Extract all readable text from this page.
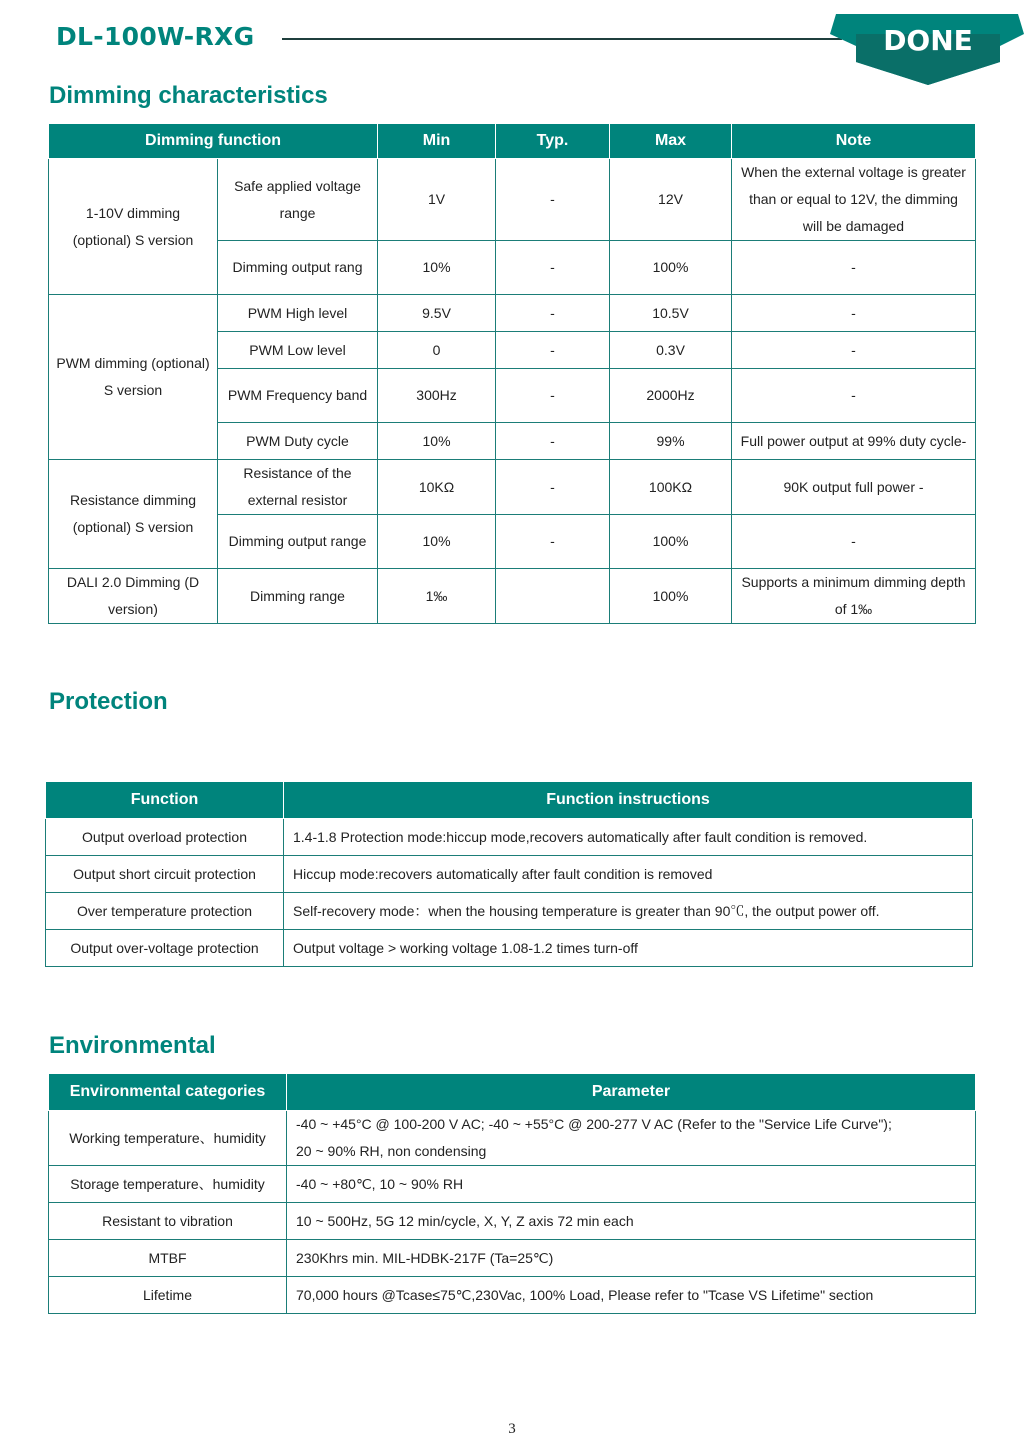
DL-100W-RXG	DONE
Dimming characteristics
Dimming function		Min	Typ.	Max	Note
1-10V dimming (optional) S version	Safe applied voltage range	1V	-	12V	When the external voltage is greater than or equal to 12V, the dimming will be damaged
	Dimming output rang	10%	-	100%	-
PWM dimming (optional) S version	PWM High level	9.5V	-	10.5V	-
	PWM Low level	0	-	0.3V	-
	PWM Frequency band	300Hz	-	2000Hz	-
	PWM Duty cycle	10%	-	99%	Full power output at 99% duty cycle-
Resistance dimming (optional) S version	Resistance of the external resistor	10KΩ	-	100KΩ	90K output full power -
	Dimming output range	10%	-	100%	-
DALI 2.0 Dimming (D version)	Dimming range	1‰		100%	Supports a minimum dimming depth of 1‰
Protection
Function	Function instructions
Output overload protection	1.4-1.8 Protection mode:hiccup mode,recovers automatically after fault condition is removed.
Output short circuit protection	Hiccup mode:recovers automatically after fault condition is removed
Over temperature protection	Self-recovery mode：when the housing temperature is greater than 90℃, the output power off.
Output over-voltage protection	Output voltage > working voltage 1.08-1.2 times turn-off
Environmental
Environmental categories	Parameter
Working temperature、humidity	-40 ~ +45°C @ 100-200 V AC; -40 ~ +55°C @ 200-277 V AC (Refer to the "Service Life Curve");
20 ~ 90% RH, non condensing

Storage temperature、humidity	-40 ~ +80℃, 10 ~ 90% RH
Resistant to vibration	10 ~ 500Hz, 5G 12 min/cycle, X, Y, Z axis 72 min each
MTBF	230Khrs min. MIL-HDBK-217F (Ta=25℃)
Lifetime	70,000 hours @Tcase≤75℃,230Vac, 100% Load, Please refer to "Tcase VS Lifetime" section
3
